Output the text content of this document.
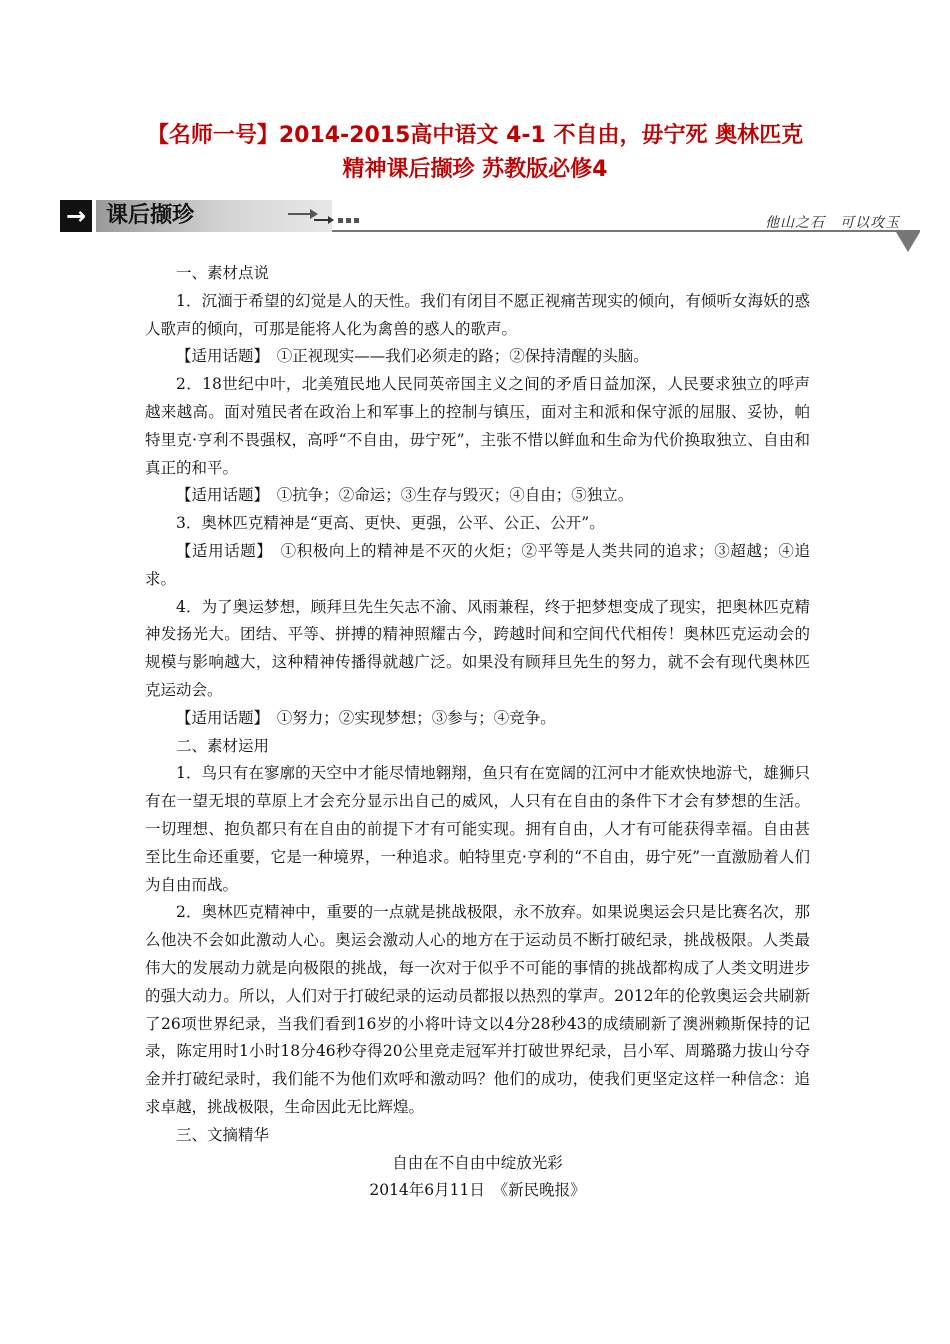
【名师一号】2014-2015高中语文 4-1 不自由，毋宁死 奥林匹克
精神课后撷珍 苏教版必修4
→ 课后撷珍	他山之石　可以攻玉

一、素材点说

1．沉湎于希望的幻觉是人的天性。我们有闭目不愿正视痛苦现实的倾向，有倾听女海妖的惑人歌声的倾向，可那是能将人化为禽兽的惑人的歌声。

【适用话题】　①正视现实——我们必须走的路；②保持清醒的头脑。

2．18世纪中叶，北美殖民地人民同英帝国主义之间的矛盾日益加深，人民要求独立的呼声越来越高。面对殖民者在政治上和军事上的控制与镇压，面对主和派和保守派的屈服、妥协，帕特里克·亨利不畏强权，高呼“不自由，毋宁死”，主张不惜以鲜血和生命为代价换取独立、自由和真正的和平。

【适用话题】　①抗争；②命运；③生存与毁灭；④自由；⑤独立。

3．奥林匹克精神是“更高、更快、更强，公平、公正、公开”。

【适用话题】　①积极向上的精神是不灭的火炬；②平等是人类共同的追求；③超越；④追求。

4．为了奥运梦想，顾拜旦先生矢志不渝、风雨兼程，终于把梦想变成了现实，把奥林匹克精神发扬光大。团结、平等、拼搏的精神照耀古今，跨越时间和空间代代相传！奥林匹克运动会的规模与影响越大，这种精神传播得就越广泛。如果没有顾拜旦先生的努力，就不会有现代奥林匹克运动会。

【适用话题】　①努力；②实现梦想；③参与；④竞争。

二、素材运用

1．鸟只有在寥廓的天空中才能尽情地翱翔，鱼只有在宽阔的江河中才能欢快地游弋，雄狮只有在一望无垠的草原上才会充分显示出自己的威风，人只有在自由的条件下才会有梦想的生活。一切理想、抱负都只有在自由的前提下才有可能实现。拥有自由，人才有可能获得幸福。自由甚至比生命还重要，它是一种境界，一种追求。帕特里克·亨利的“不自由，毋宁死”一直激励着人们为自由而战。

2．奥林匹克精神中，重要的一点就是挑战极限，永不放弃。如果说奥运会只是比赛名次，那么他决不会如此激动人心。奥运会激动人心的地方在于运动员不断打破纪录，挑战极限。人类最伟大的发展动力就是向极限的挑战，每一次对于似乎不可能的事情的挑战都构成了人类文明进步的强大动力。所以，人们对于打破纪录的运动员都报以热烈的掌声。2012年的伦敦奥运会共刷新了26项世界纪录，当我们看到16岁的小将叶诗文以4分28秒43的成绩刷新了澳洲赖斯保持的记录，陈定用时1小时18分46秒夺得20公里竞走冠军并打破世界纪录，吕小军、周璐璐力拔山兮夺金并打破纪录时，我们能不为他们欢呼和激动吗？他们的成功，使我们更坚定这样一种信念：追求卓越，挑战极限，生命因此无比辉煌。

三、文摘精华

自由在不自由中绽放光彩

2014年6月11日　《新民晚报》
